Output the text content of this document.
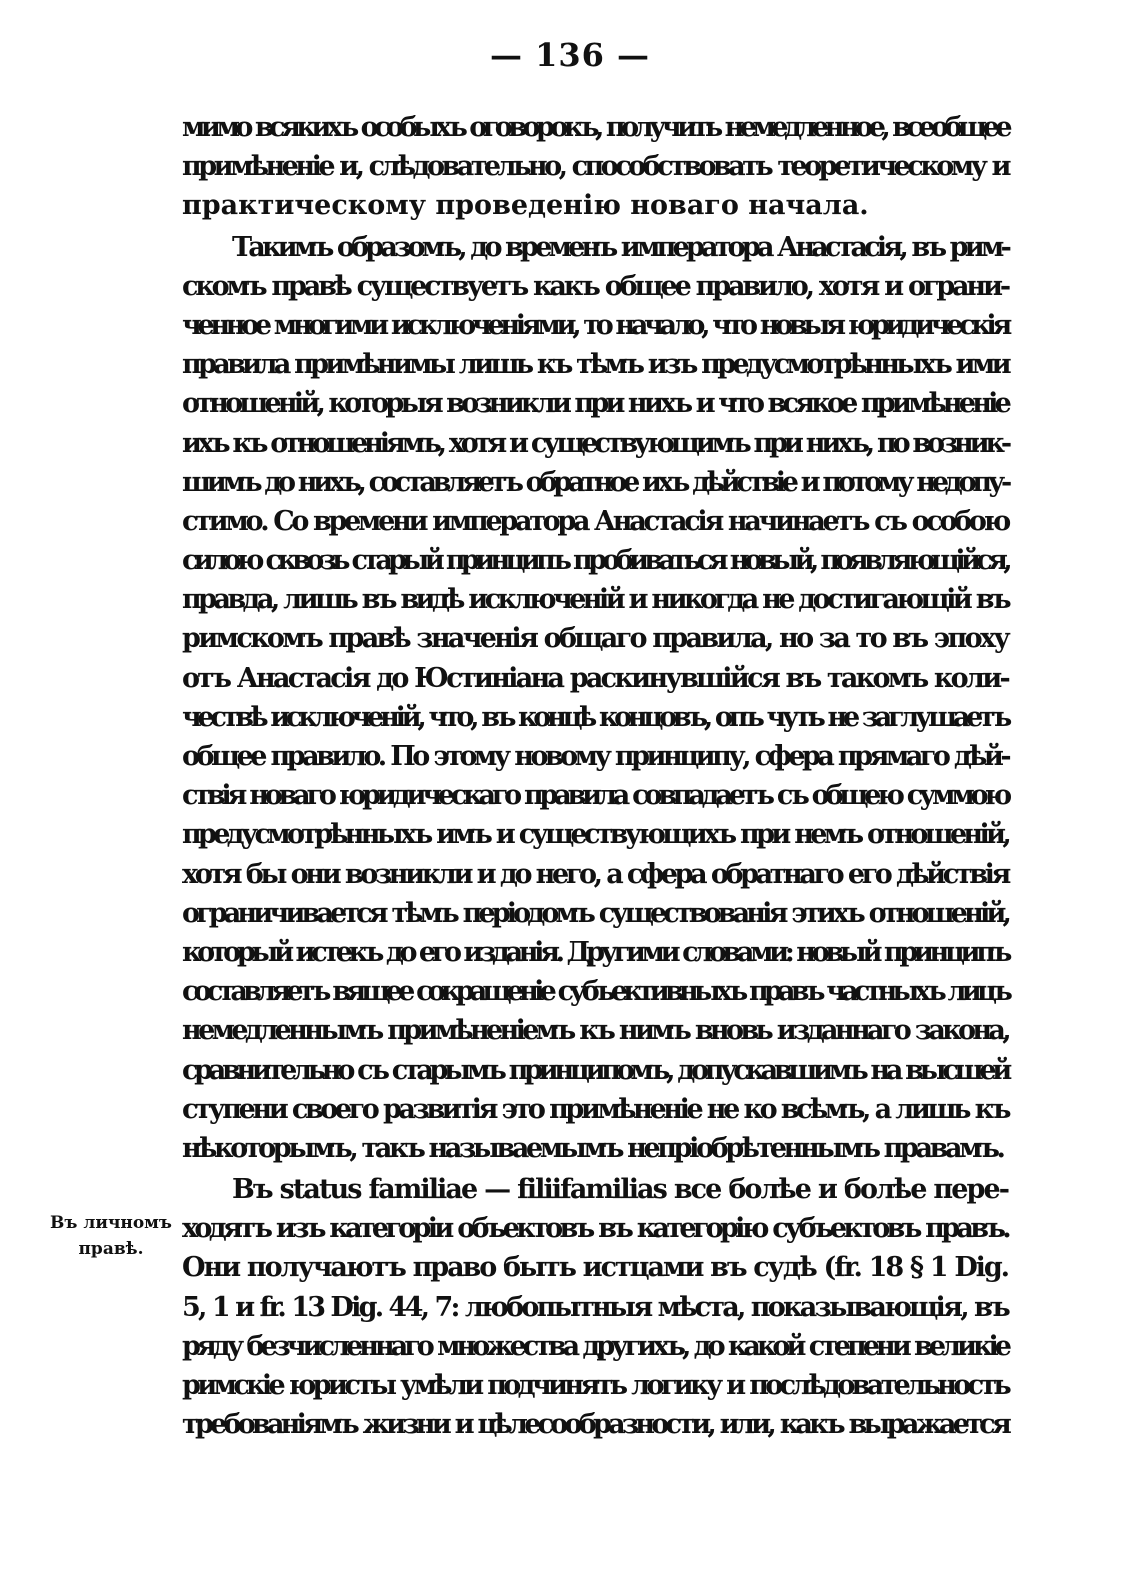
— 136 —
Въ личномъ
правѣ.
мимо всякихъ особыхъ оговорокъ, получить немедленное, всеобщее
примѣненіе и, слѣдовательно, способствовать теоретическому и
практическому проведенію новаго начала.
Такимъ образомъ, до временъ императора Анастасія, въ рим-
скомъ правѣ существуетъ какъ общее правило, хотя и ограни-
ченное многими исключеніями, то начало, что новыя юридическія
правила примѣнимы лишь къ тѣмъ изъ предусмотрѣнныхъ ими
отношеній, которыя возникли при нихъ и что всякое примѣненіе
ихъ къ отношеніямъ, хотя и существующимъ при нихъ, по возник-
шимъ до нихъ, составляетъ обратное ихъ дѣйствіе и потому недопу-
стимо. Со времени императора Анастасія начинаетъ съ особою
силою сквозь старый принципъ пробиваться новый, появляющійся,
правда, лишь въ видѣ исключеній и никогда не достигающій въ
римскомъ правѣ значенія общаго правила, но за то въ эпоху
отъ Анастасія до Юстиніана раскинувшійся въ такомъ коли-
чествѣ исключеній, что, въ концѣ концовъ, опъ чуть не заглушаетъ
общее правило. По этому новому принципу, сфера прямаго дѣй-
ствія новаго юридическаго правила совпадаетъ съ общею суммою
предусмотрѣнныхъ имъ и существующихъ при немъ отношеній,
хотя бы они возникли и до него, а сфера обратнаго его дѣйствія
ограничивается тѣмъ періодомъ существованія этихъ отношеній,
который истекъ до его изданія. Другими словами: новый принципъ
составляетъ вящее сокращеніе субъективныхъ правъ частныхъ лицъ
немедленнымъ примѣненіемъ къ нимъ вновь изданнаго закона,
сравнительно съ старымъ принципомъ, допускавшимъ на высшей
ступени своего развитія это примѣненіе не ко всѣмъ, а лишь къ
нѣкоторымъ, такъ называемымъ непріобрѣтеннымъ правамъ.
Въ status familiae — filiifamilias все болѣе и болѣе пере-
ходятъ изъ категоріи объектовъ въ категорію субъектовъ правъ.
Они получаютъ право быть истцами въ судѣ (fr. 18 § 1 Dig.
5, 1 и fr. 13 Dig. 44, 7: любопытныя мѣста, показывающія, въ
ряду безчисленнаго множества другихъ, до какой степени великіе
римскіе юристы умѣли подчинять логику и послѣдовательность
требованіямъ жизни и цѣлесообразности, или, какъ выражается
